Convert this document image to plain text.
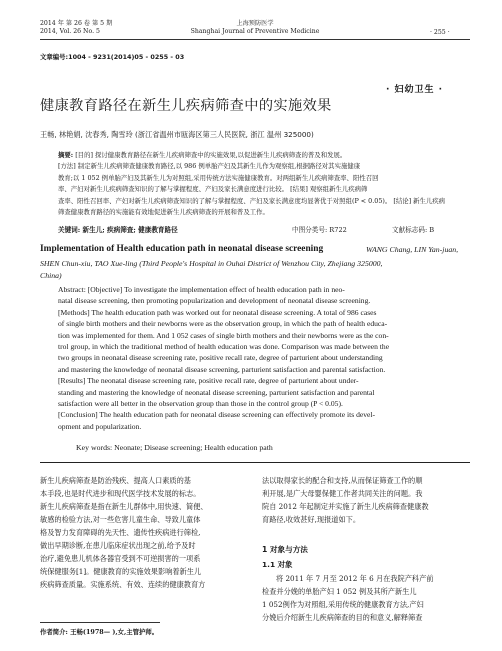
2014 年 第 26 卷 第 5 期
2014, Vol. 26 No. 5
上海预防医学
Shanghai Journal of Preventive Medicine	· 255 ·
文章编号:1004 - 9231(2014)05 - 0255 - 03
· 妇幼卫生 ·
健康教育路径在新生儿疾病筛查中的实施效果
王畅, 林艳娟, 沈春秀, 陶雪玲 (浙江省温州市瓯海区第三人民医院, 浙江 温州 325000)
摘要: [目的] 探讨健康教育路径在新生儿疾病筛查中的实施效果,以促进新生儿疾病筛查的普及和发展。
[方法] 制定新生儿疾病筛查健康教育路径,以 986 例单胎产妇及其新生儿作为观察组,根据路径对其实施健康
教育;以 1 052 例单胎产妇及其新生儿为对照组,采用传统方法实施健康教育。对两组新生儿疾病筛查率、阳性召回
率、产妇对新生儿疾病筛查知识的了解与掌握程度、产妇及家长满意度进行比较。 [结果] 观察组新生儿疾病筛
查率、阳性召回率、产妇对新生儿疾病筛查知识的了解与掌握程度、产妇及家长满意度均显著优于对照组(P < 0.05)。 [结论] 新生儿疾病筛查健康教育路径的实施能有效地促进新生儿疾病筛查的开展和普及工作。
关键词: 新生儿; 疾病筛查; 健康教育路径	中图分类号: R722	文献标志码: B
Implementation of Health education path in neonatal disease screening	WANG Chang, LIN Yan-juan,
SHEN Chun-xiu, TAO Xue-ling (Third People's Hospital in Ouhai District of Wenzhou City, Zhejiang 325000,
China)
Abstract: [Objective] To investigate the implementation effect of health education path in neo-
natal disease screening, then promoting popularization and development of neonatal disease screening.
[Methods] The health education path was worked out for neonatal disease screening. A total of 986 cases
of single birth mothers and their newborns were as the observation group, in which the path of health educa-
tion was implemented for them. And 1 052 cases of single birth mothers and their newborns were as the con-
trol group, in which the traditional method of health education was done. Comparison was made between the
two groups in neonatal disease screening rate, positive recall rate, degree of parturient about understanding
and mastering the knowledge of neonatal disease screening, parturient satisfaction and parental satisfaction.
[Results] The neonatal disease screening rate, positive recall rate, degree of parturient about under-
standing and mastering the knowledge of neonatal disease screening, parturient satisfaction and parental
satisfaction were all better in the observation group than those in the control group (P < 0.05).
[Conclusion] The health education path for neonatal disease screening can effectively promote its devel-
opment and popularization.
Key words: Neonate; Disease screening; Health education path
新生儿疾病筛查是防治残疾、提高人口素质的基
本手段,也是时代进步和现代医学技术发展的标志。
新生儿疾病筛查是指在新生儿群体中,用快速、简便、
敏感的检验方法,对一些危害儿童生命、导致儿童体
格及智力发育障碍的先天性、遗传性疾病进行筛检,
做出早期诊断,在患儿临床症状出现之前,给予及时
治疗,避免患儿机体各器官受到不可逆损害的一项系
统保健服务[1]。健康教育的实施效果影响着新生儿
疾病筛查质量。实施系统、有效、连续的健康教育方
作者简介: 王畅(1978— ),女,主管护师。
法以取得家长的配合和支持,从而保证筛查工作的顺
利开展,是广大母婴保健工作者共同关注的问题。我
院自 2012 年起制定并实施了新生儿疾病筛查健康教
育路径,收效甚好,现报道如下。
1 对象与方法
1.1 对象
将 2011 年 7 月至 2012 年 6 月在我院产科产前
检查并分娩的单胎产妇 1 052 例及其所产新生儿
1 052例作为对照组,采用传统的健康教育方法,产妇
分娩后介绍新生儿疾病筛查的目的和意义,解释筛查
